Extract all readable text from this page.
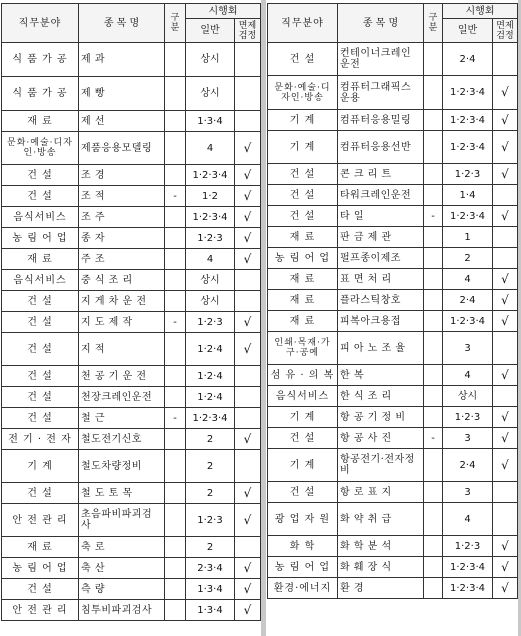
직무분야	종 목 명	구분	시행회	
			일반	면제검정
식 품 가 공	제 과		상시	
식 품 가 공	제 빵		상시	
재 료	제 선		1·3·4	
문화·예술·디자인·방송	제품응용모델링		4	√
건 설	조 경		1·2·3·4	√
건 설	조 적	-	1·2	√
음식서비스	조 주		1·2·3·4	√
농 림 어 업	종 자		1·2·3	√
재 료	주 조		4	√
음식서비스	중 식 조 리		상시	
건 설	지 게 차 운 전		상시	
건 설	지 도 제 작	-	1·2·3	√
건 설	지 적		1·2·4	√
건 설	천 공 기 운 전		1·2·4	
건 설	천장크레인운전		1·2·4	
건 설	철 근	-	1·2·3·4	
전 기 · 전 자	철도전기신호		2	√
기 계	철도차량정비		2	
건 설	철 도 토 목		2	√
안 전 관 리	초음파비파괴검사		1·2·3	√
재 료	축 로		2	
농 림 어 업	축 산		2·3·4	√
건 설	측 량		1·3·4	√
안 전 관 리	침투비파괴검사		1·3·4	√
직무분야	종 목 명	구분	시행회	
			일반	면제검정
건 설	컨테이너크레인운전		2·4	
문화·예술·디자인·방송	컴퓨터그래픽스운용		1·2·3·4	√
기 계	컴퓨터응용밀링		1·2·3·4	√
기 계	컴퓨터응용선반		1·2·3·4	√
건 설	콘 크 리 트		1·2·3	√
건 설	타워크레인운전		1·4	
건 설	타 일	-	1·2·3·4	√
재 료	판 금 제 관		1	
농 림 어 업	펄프종이제조		2	
재 료	표 면 처 리		4	√
재 료	플라스틱창호		2·4	√
재 료	피복아크용접		1·2·3·4	√
인쇄·목재·가구·공예	피 아 노 조 율		3	
섬 유 · 의 복	한 복		4	√
음식서비스	한 식 조 리		상시	
기 계	항 공 기 정 비		1·2·3	√
건 설	항 공 사 진	-	3	√
기 계	항공전기·전자정비		2·4	√
건 설	항 로 표 지		3	
광 업 자 원	화 약 취 급		4	
화 학	화 학 분 석		1·2·3	√
농 림 어 업	화 훼 장 식		1·2·3·4	√
환경·에너지	환 경		1·2·3·4	√
